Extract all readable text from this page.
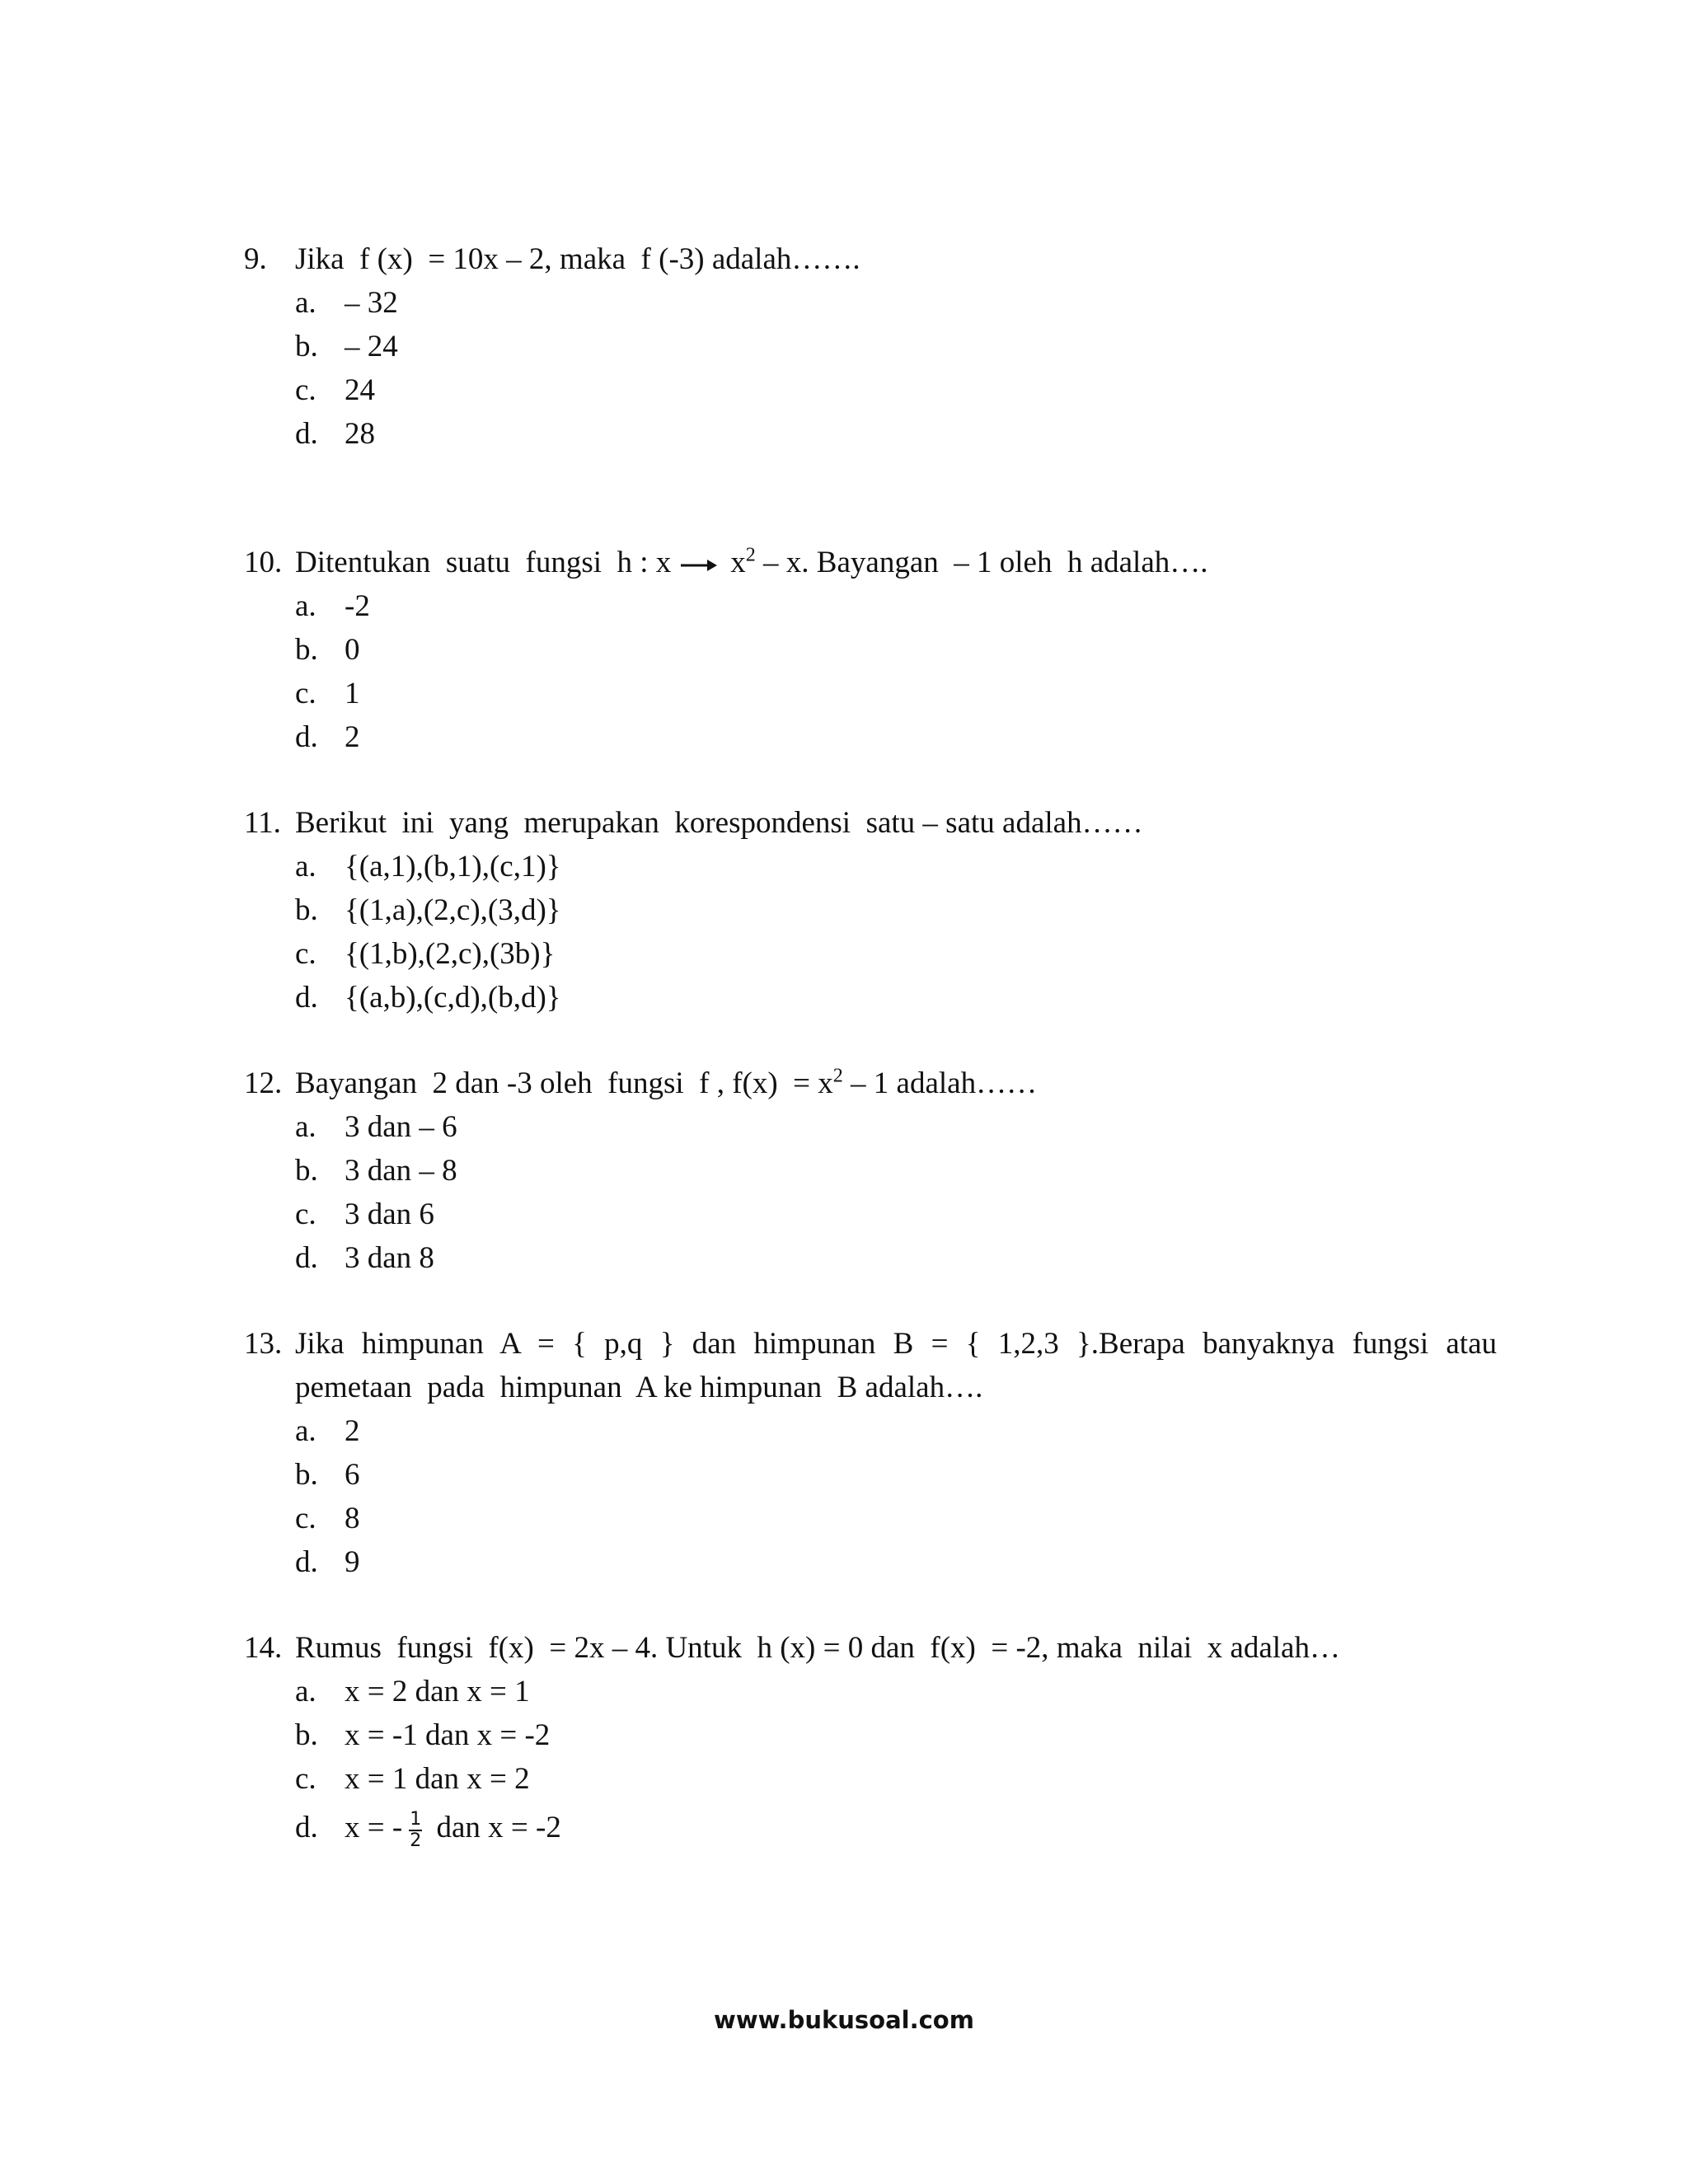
9. Jika  f (x)  = 10x – 2, maka  f (-3) adalah…….
a. – 32
b. – 24
c. 24
d. 28
10. Ditentukan  suatu  fungsi  h : x $x^2$ – x. Bayangan  – 1 oleh  h adalah….
a. -2
b. 0
c. 1
d. 2
11. Berikut  ini  yang  merupakan  korespondensi  satu – satu adalah……
a. {(a,1),(b,1),(c,1)}
b. {(1,a),(2,c),(3,d)}
c. {(1,b),(2,c),(3b)}
d. {(a,b),(c,d),(b,d)}
12. Bayangan  2 dan -3 oleh  fungsi  f , $f(x) = x^2 - 1$ adalah……
a. 3 dan – 6
b. 3 dan – 8
c. 3 dan 6
d. 3 dan 8
13. Jika himpunan A = { p,q } dan himpunan B = { 1,2,3 }.Berapa banyaknya fungsi atau
pemetaan  pada  himpunan  A ke himpunan  B adalah….
a. 2
b. 6
c. 8
d. 9
14. Rumus  fungsi  f(x)  = 2x – 4. Untuk  h (x) = 0 dan  f(x)  = -2, maka  nilai  x adalah…
a. x = 2 dan x = 1
b. x = -1 dan x = -2
c. x = 1 dan x = 2
d. x = - $\frac{1}{2}$ dan x = -2
www.bukusoal.com
